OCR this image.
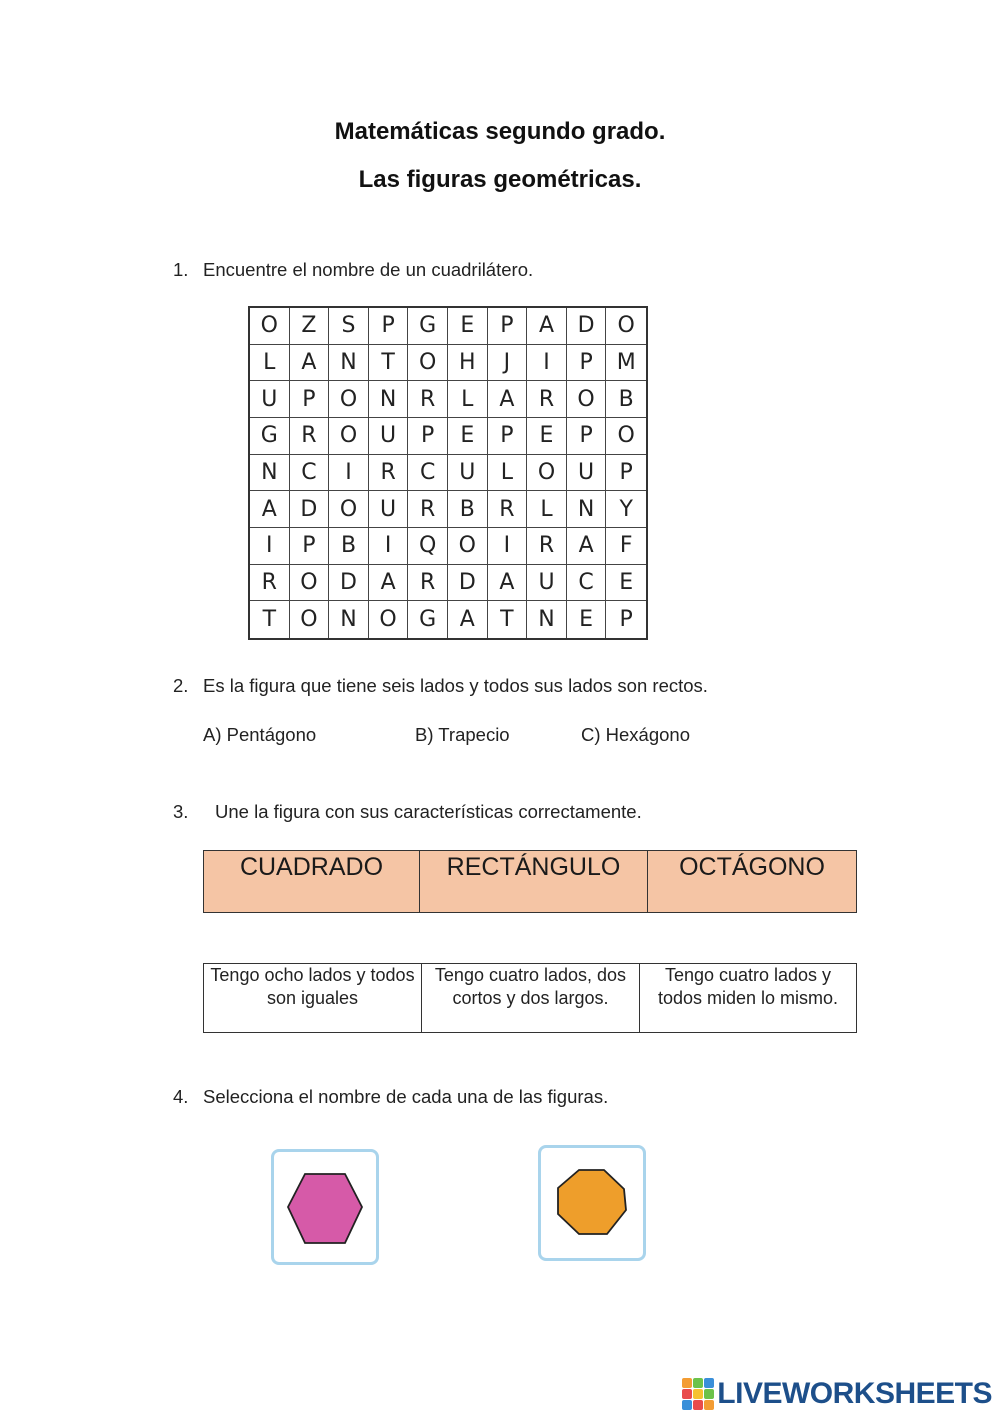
Matemáticas segundo grado.
Las figuras geométricas.
1. Encuentre el nombre de un cuadrilátero.
O	Z	S	P	G	E	P	A	D	O
L	A	N	T	O	H	J	I	P	M
U	P	O	N	R	L	A	R	O	B
G	R	O	U	P	E	P	E	P	O
N	C	I	R	C	U	L	O	U	P
A	D	O	U	R	B	R	L	N	Y
I	P	B	I	Q	O	I	R	A	F
R	O	D	A	R	D	A	U	C	E
T	O	N	O	G	A	T	N	E	P
2. Es la figura que tiene seis lados y todos sus lados son rectos.
A) Pentágono	B) Trapecio	C) Hexágono
3. Une la figura con sus características correctamente.
CUADRADO	RECTÁNGULO	OCTÁGONO
Tengo ocho lados y todos son iguales	Tengo cuatro lados, dos cortos y dos largos.	Tengo cuatro lados y todos miden lo mismo.
4. Selecciona el nombre de cada una de las figuras.
LIVEWORKSHEETS
